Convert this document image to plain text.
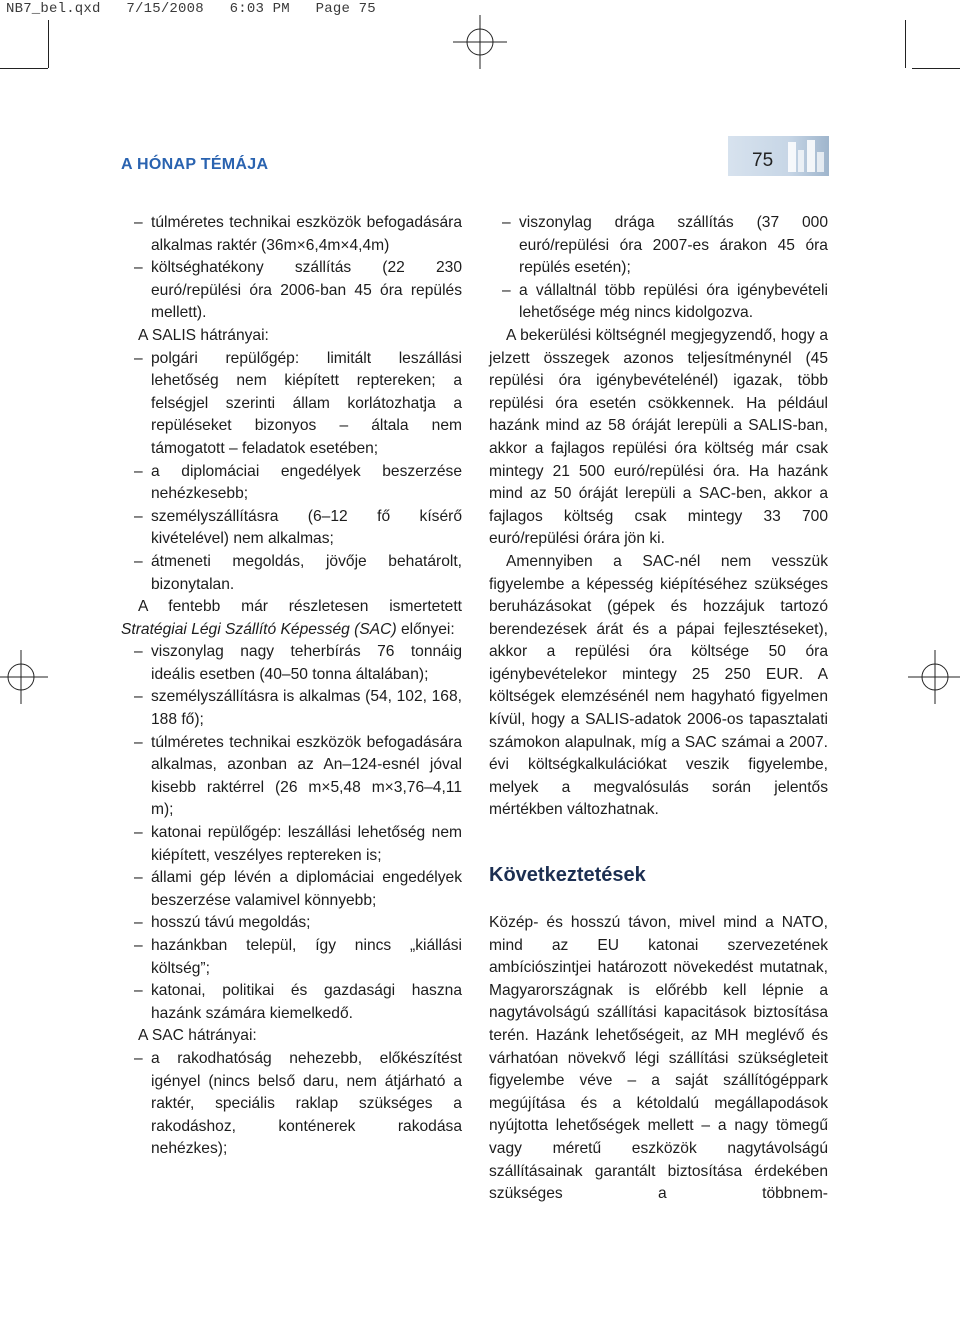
NB7_bel.qxd   7/15/2008   6:03 PM   Page 75
A HÓNAP TÉMÁJA	75

– túlméretes technikai eszközök befogadására alkalmas raktér (36m×6,4m×4,4m)

– költséghatékony szállítás (22 230 euró/repülési óra 2006-ban 45 óra repülés mellett).

A SALIS hátrányai:

– polgári repülőgép: limitált leszállási lehetőség nem kiépített reptereken; a felségjel szerinti állam korlátozhatja a repüléseket bizonyos – általa nem támogatott – feladatok esetében;

– a diplomáciai engedélyek beszerzése nehézkesebb;

– személyszállításra (6–12 fő kísérő kivételével) nem alkalmas;

– átmeneti megoldás, jövője behatárolt, bizonytalan.

A fentebb már részletesen ismertetett Stratégiai Légi Szállító Képesség (SAC) előnyei:

– viszonylag nagy teherbírás 76 tonnáig ideális esetben (40–50 tonna általában);

– személyszállításra is alkalmas (54, 102, 168, 188 fő);

– túlméretes technikai eszközök befogadására alkalmas, azonban az An–124-esnél jóval kisebb raktérrel (26 m×5,48 m×3,76–4,11 m);

– katonai repülőgép: leszállási lehetőség nem kiépített, veszélyes reptereken is;

– állami gép lévén a diplomáciai engedélyek beszerzése valamivel könnyebb;

– hosszú távú megoldás;

– hazánkban települ, így nincs „kiállási költség”;

– katonai, politikai és gazdasági haszna hazánk számára kiemelkedő.

A SAC hátrányai:

– a rakodhatóság nehezebb, előkészítést igényel (nincs belső daru, nem átjárható a raktér, speciális raklap szükséges a rakodáshoz, konténerek rakodása nehézkes);

– viszonylag drága szállítás (37 000 euró/repülési óra 2007-es árakon 45 óra repülés esetén);

– a vállaltnál több repülési óra igénybevételi lehetősége még nincs kidolgozva.

A bekerülési költségnél megjegyzendő, hogy a jelzett összegek azonos teljesítménynél (45 repülési óra igénybevételénél) igazak, több repülési óra esetén csökkennek. Ha például hazánk mind az 58 óráját lerepüli a SALIS-ban, akkor a fajlagos repülési óra költség már csak mintegy 21 500 euró/repülési óra. Ha hazánk mind az 50 óráját lerepüli a SAC-ben, akkor a fajlagos költség csak mintegy 33 700 euró/repülési órára jön ki.

Amennyiben a SAC-nél nem vesszük figyelembe a képesség kiépítéséhez szükséges beruházásokat (gépek és hozzájuk tartozó berendezések árát és a pápai fejlesztéseket), akkor a repülési óra költsége 50 óra igénybevételekor mintegy 25 250 EUR. A költségek elemzésénél nem hagyható figyelmen kívül, hogy a SALIS-adatok 2006-os tapasztalati számokon alapulnak, míg a SAC számai a 2007. évi költségkalkulációkat veszik figyelembe, melyek a megvalósulás során jelentős mértékben változhatnak.

Következtetések

Közép- és hosszú távon, mivel mind a NATO, mind az EU katonai szervezetének ambíciószintjei határozott növekedést mutatnak, Magyarországnak is előrébb kell lépnie a nagytávolságú szállítási kapacitások biztosítása terén. Hazánk lehetőségeit, az MH meglévő és várhatóan növekvő légi szállítási szükségleteit figyelembe véve – a saját szállítógéppark megújítása és a kétoldalú megállapodások nyújtotta lehetőségek mellett – a nagy tömegű vagy méretű eszközök nagytávolságú szállításainak garantált biztosítása érdekében szükséges a többnem-
